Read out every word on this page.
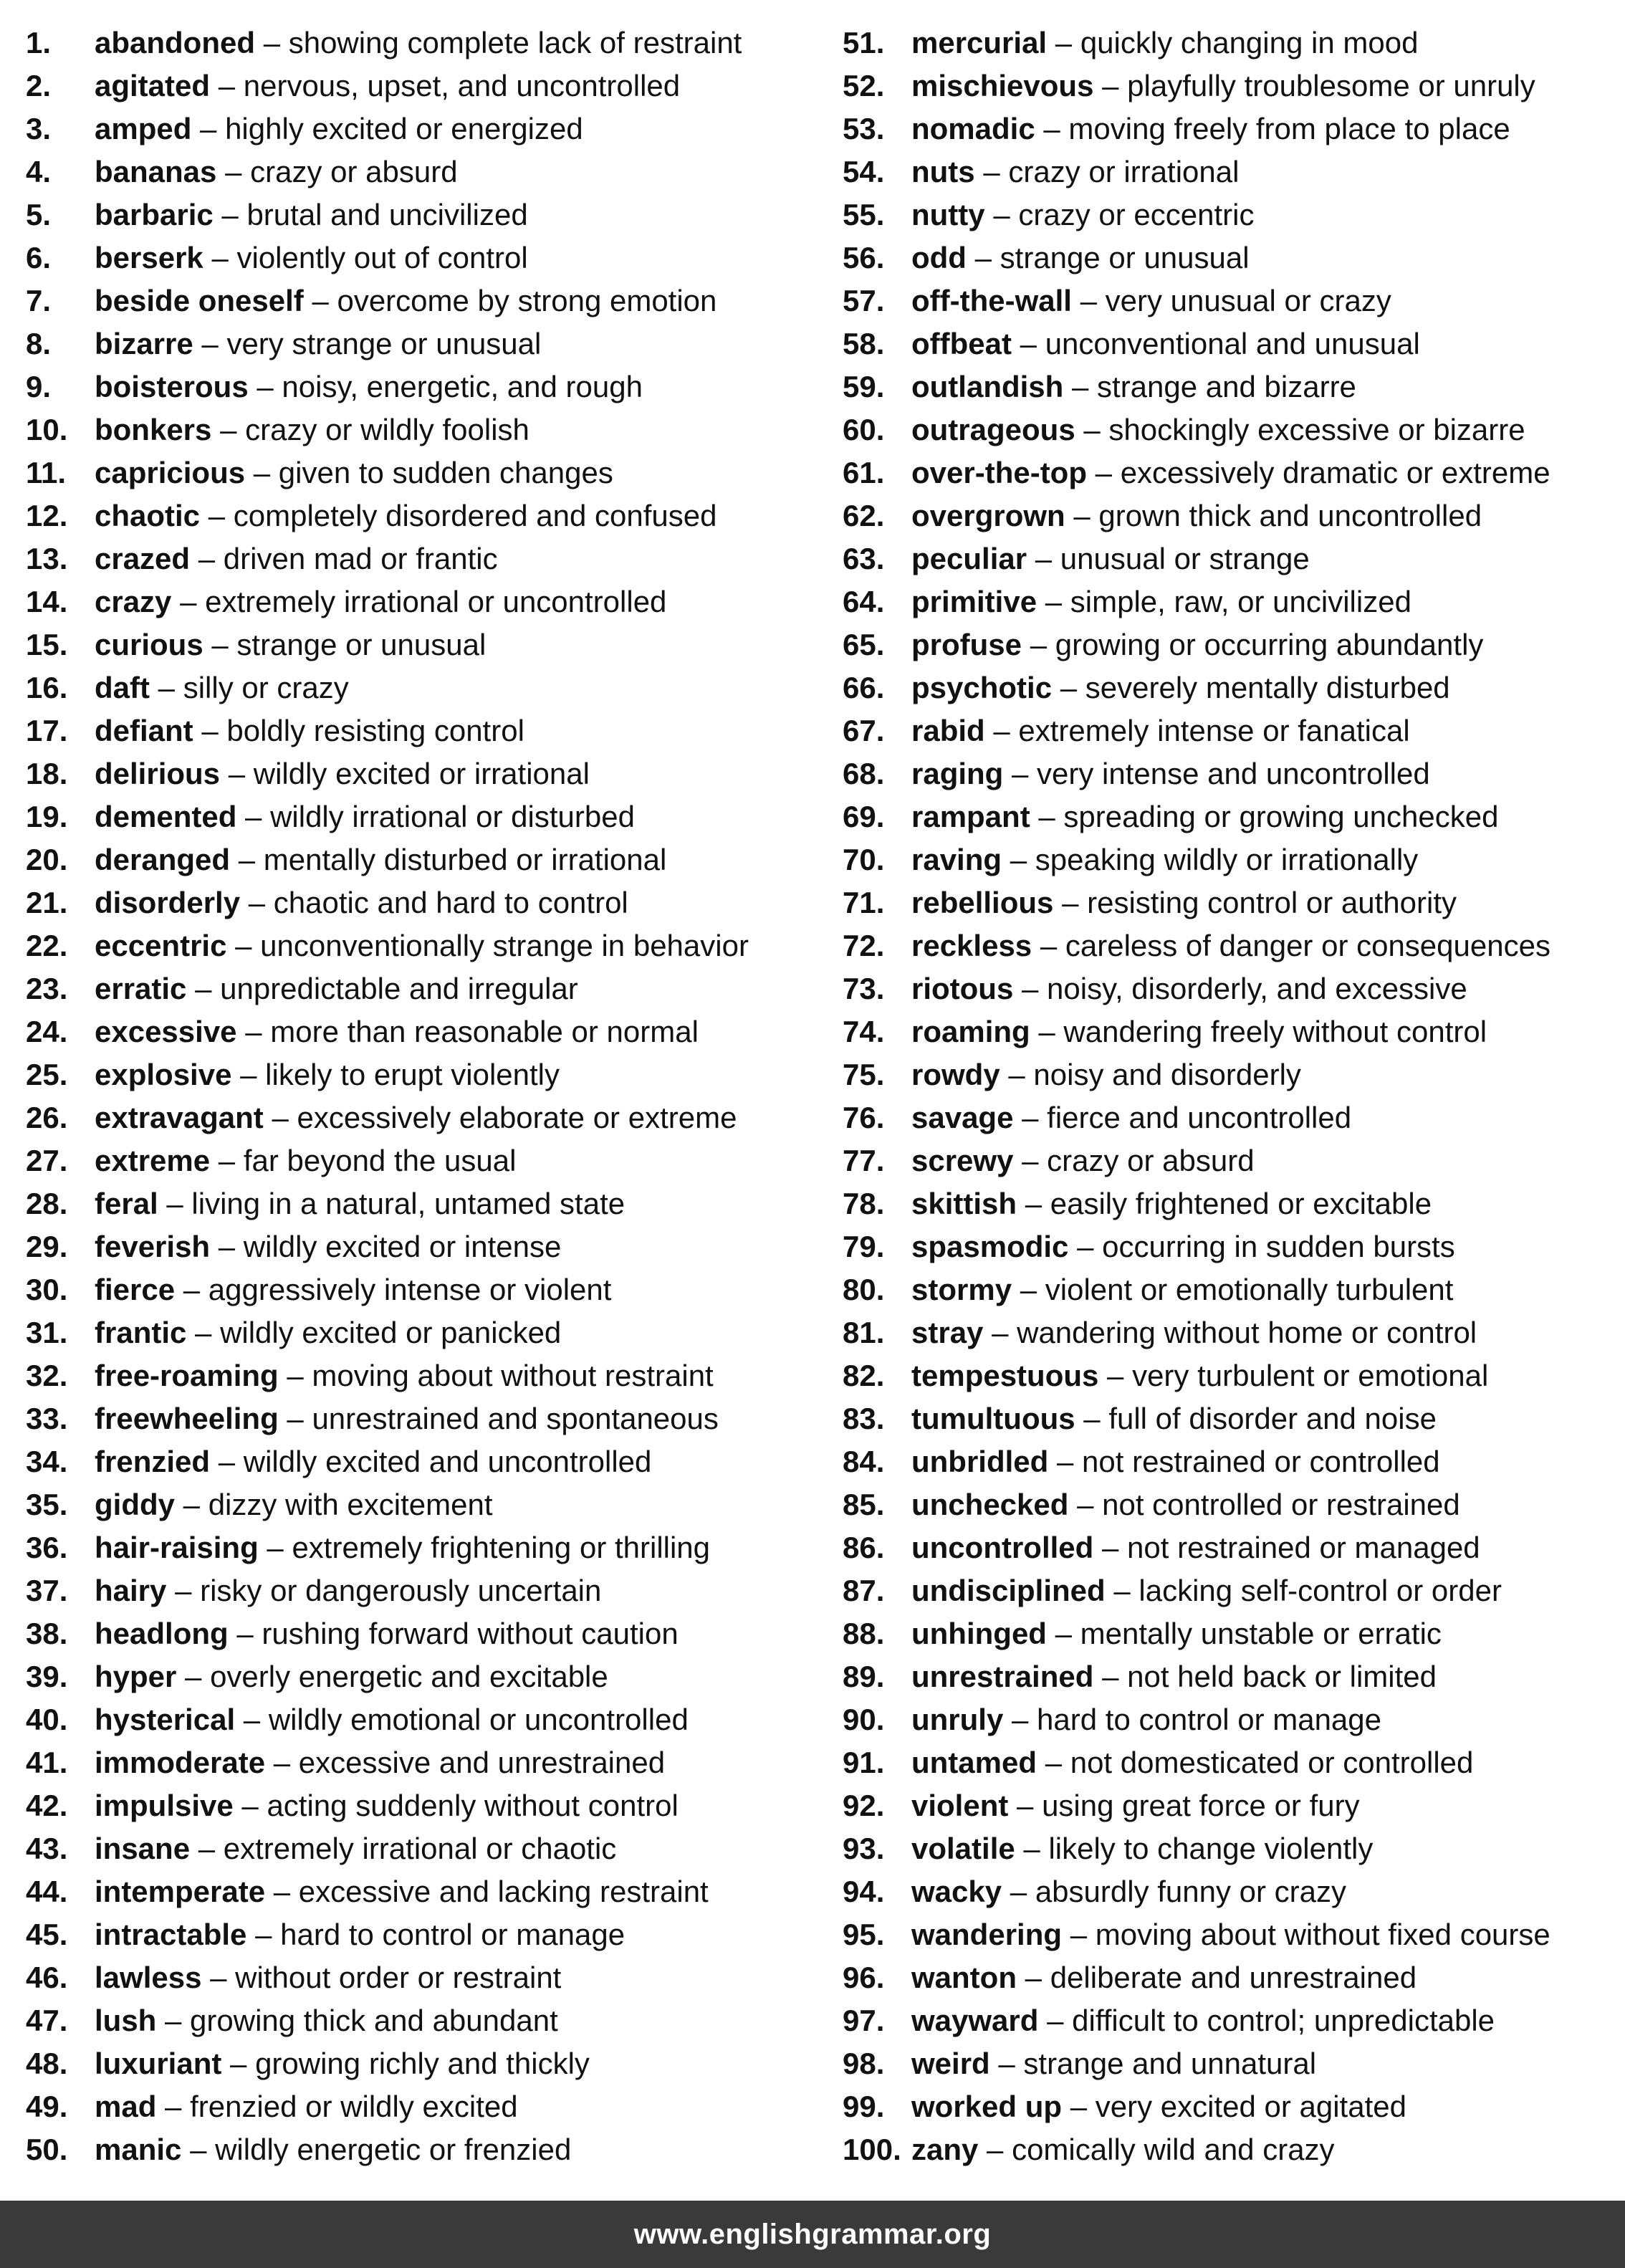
1. abandoned – showing complete lack of restraint
2. agitated – nervous, upset, and uncontrolled
3. amped – highly excited or energized
4. bananas – crazy or absurd
5. barbaric – brutal and uncivilized
6. berserk – violently out of control
7. beside oneself – overcome by strong emotion
8. bizarre – very strange or unusual
9. boisterous – noisy, energetic, and rough
10. bonkers – crazy or wildly foolish
11. capricious – given to sudden changes
12. chaotic – completely disordered and confused
13. crazed – driven mad or frantic
14. crazy – extremely irrational or uncontrolled
15. curious – strange or unusual
16. daft – silly or crazy
17. defiant – boldly resisting control
18. delirious – wildly excited or irrational
19. demented – wildly irrational or disturbed
20. deranged – mentally disturbed or irrational
21. disorderly – chaotic and hard to control
22. eccentric – unconventionally strange in behavior
23. erratic – unpredictable and irregular
24. excessive – more than reasonable or normal
25. explosive – likely to erupt violently
26. extravagant – excessively elaborate or extreme
27. extreme – far beyond the usual
28. feral – living in a natural, untamed state
29. feverish – wildly excited or intense
30. fierce – aggressively intense or violent
31. frantic – wildly excited or panicked
32. free-roaming – moving about without restraint
33. freewheeling – unrestrained and spontaneous
34. frenzied – wildly excited and uncontrolled
35. giddy – dizzy with excitement
36. hair-raising – extremely frightening or thrilling
37. hairy – risky or dangerously uncertain
38. headlong – rushing forward without caution
39. hyper – overly energetic and excitable
40. hysterical – wildly emotional or uncontrolled
41. immoderate – excessive and unrestrained
42. impulsive – acting suddenly without control
43. insane – extremely irrational or chaotic
44. intemperate – excessive and lacking restraint
45. intractable – hard to control or manage
46. lawless – without order or restraint
47. lush – growing thick and abundant
48. luxuriant – growing richly and thickly
49. mad – frenzied or wildly excited
50. manic – wildly energetic or frenzied
51. mercurial – quickly changing in mood
52. mischievous – playfully troublesome or unruly
53. nomadic – moving freely from place to place
54. nuts – crazy or irrational
55. nutty – crazy or eccentric
56. odd – strange or unusual
57. off-the-wall – very unusual or crazy
58. offbeat – unconventional and unusual
59. outlandish – strange and bizarre
60. outrageous – shockingly excessive or bizarre
61. over-the-top – excessively dramatic or extreme
62. overgrown – grown thick and uncontrolled
63. peculiar – unusual or strange
64. primitive – simple, raw, or uncivilized
65. profuse – growing or occurring abundantly
66. psychotic – severely mentally disturbed
67. rabid – extremely intense or fanatical
68. raging – very intense and uncontrolled
69. rampant – spreading or growing unchecked
70. raving – speaking wildly or irrationally
71. rebellious – resisting control or authority
72. reckless – careless of danger or consequences
73. riotous – noisy, disorderly, and excessive
74. roaming – wandering freely without control
75. rowdy – noisy and disorderly
76. savage – fierce and uncontrolled
77. screwy – crazy or absurd
78. skittish – easily frightened or excitable
79. spasmodic – occurring in sudden bursts
80. stormy – violent or emotionally turbulent
81. stray – wandering without home or control
82. tempestuous – very turbulent or emotional
83. tumultuous – full of disorder and noise
84. unbridled – not restrained or controlled
85. unchecked – not controlled or restrained
86. uncontrolled – not restrained or managed
87. undisciplined – lacking self-control or order
88. unhinged – mentally unstable or erratic
89. unrestrained – not held back or limited
90. unruly – hard to control or manage
91. untamed – not domesticated or controlled
92. violent – using great force or fury
93. volatile – likely to change violently
94. wacky – absurdly funny or crazy
95. wandering – moving about without fixed course
96. wanton – deliberate and unrestrained
97. wayward – difficult to control; unpredictable
98. weird – strange and unnatural
99. worked up – very excited or agitated
100. zany – comically wild and crazy
www.englishgrammar.org
